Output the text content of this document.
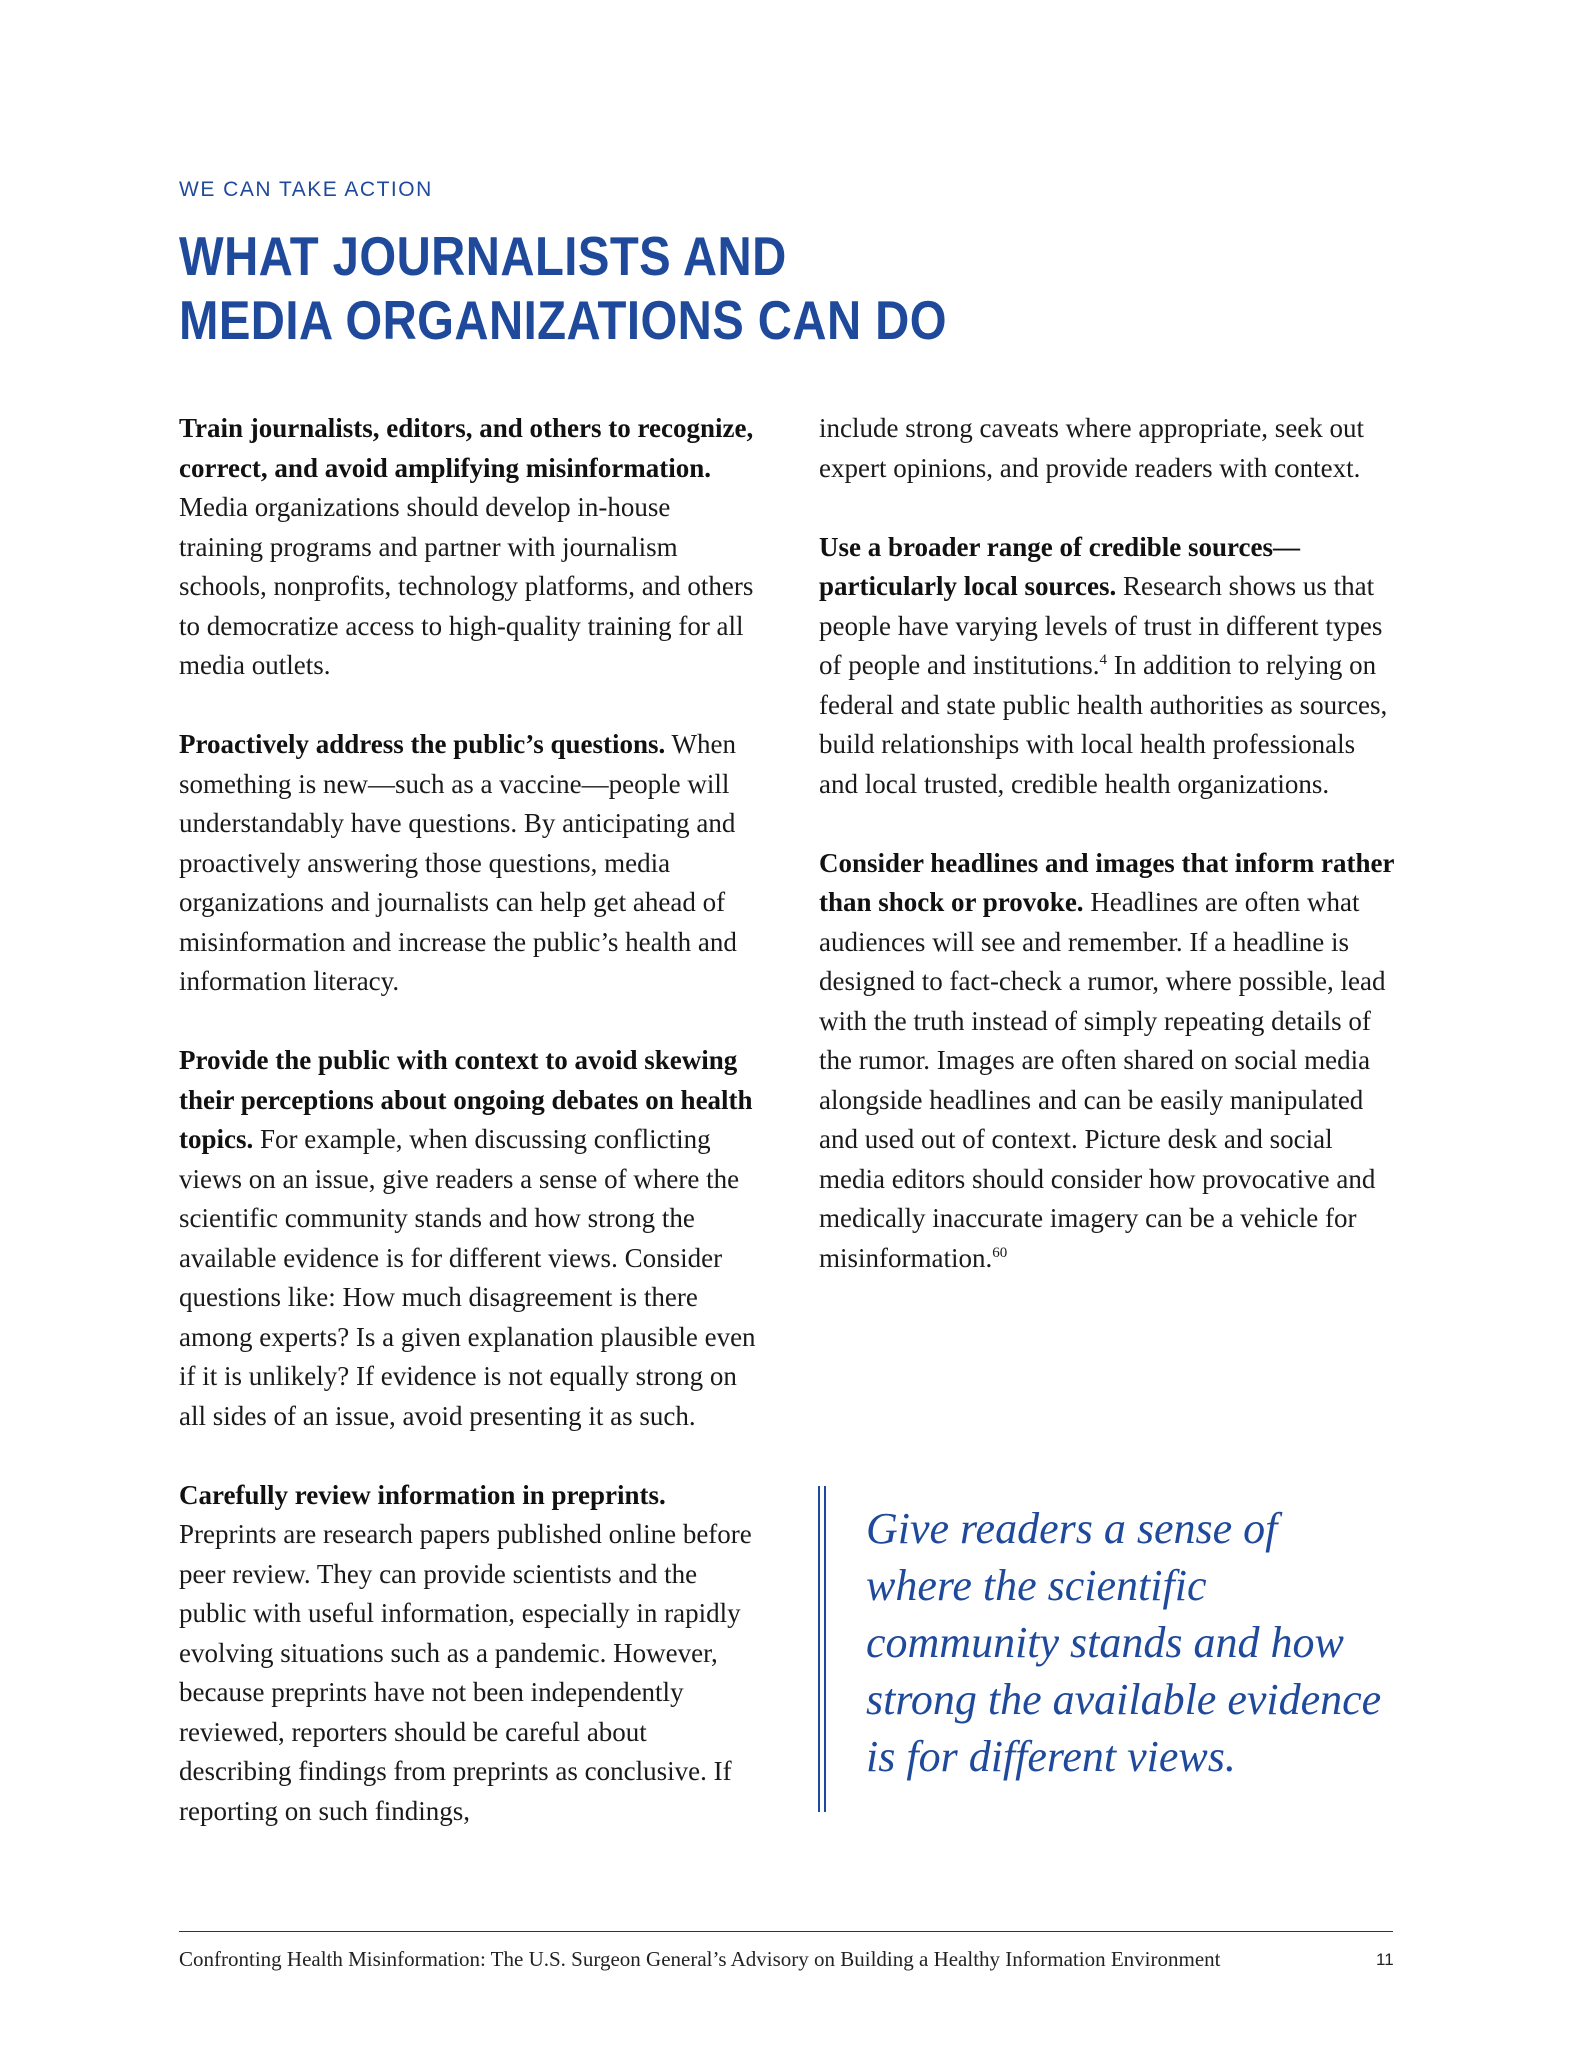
WE CAN TAKE ACTION
WHAT JOURNALISTS AND
MEDIA ORGANIZATIONS CAN DO

Train journalists, editors, and others to recognize, correct, and avoid amplifying misinformation. Media organizations should develop in-house training programs and partner with journalism schools, nonprofits, technology platforms, and others to democratize access to high-quality training for all media outlets.

Proactively address the public’s questions. When something is new—such as a vaccine—people will understandably have questions. By anticipating and proactively answering those questions, media organizations and journalists can help get ahead of misinformation and increase the public’s health and information literacy.

Provide the public with context to avoid skewing their perceptions about ongoing debates on health topics. For example, when discussing conflicting views on an issue, give readers a sense of where the scientific community stands and how strong the available evidence is for different views. Consider questions like: How much disagreement is there among experts? Is a given explanation plausible even if it is unlikely? If evidence is not equally strong on all sides of an issue, avoid presenting it as such.

Carefully review information in preprints. Preprints are research papers published online before peer review. They can provide scientists and the public with useful information, especially in rapidly evolving situations such as a pandemic. However, because preprints have not been independently reviewed, reporters should be careful about describing findings from preprints as conclusive. If reporting on such findings,

include strong caveats where appropriate, seek out expert opinions, and provide readers with context.

Use a broader range of credible sources—particularly local sources. Research shows us that people have varying levels of trust in different types of people and institutions.$^4$ In addition to relying on federal and state public health authorities as sources, build relationships with local health professionals and local trusted, credible health organizations.

Consider headlines and images that inform rather than shock or provoke. Headlines are often what audiences will see and remember. If a headline is designed to fact-check a rumor, where possible, lead with the truth instead of simply repeating details of the rumor. Images are often shared on social media alongside headlines and can be easily manipulated and used out of context. Picture desk and social media editors should consider how provocative and medically inaccurate imagery can be a vehicle for misinformation.$^{60}$

Give readers a sense of where the scientific community stands and how strong the available evidence is for different views.
Confronting Health Misinformation: The U.S. Surgeon General’s Advisory on Building a Healthy Information Environment	11
